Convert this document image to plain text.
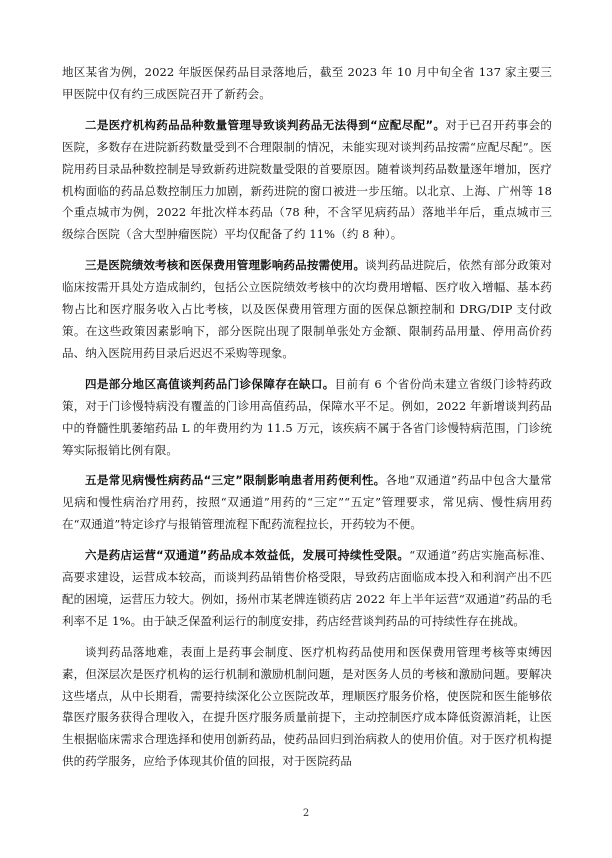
地区某省为例，2022 年版医保药品目录落地后，截至 2023 年 10 月中旬全省 137 家主要三甲医院中仅有约三成医院召开了新药会。

二是医疗机构药品品种数量管理导致谈判药品无法得到“应配尽配”。对于已召开药事会的医院，多数存在进院新药数量受到不合理限制的情况，未能实现对谈判药品按需“应配尽配”。医院用药目录品种数控制是导致新药进院数量受限的首要原因。随着谈判药品数量逐年增加，医疗机构面临的药品总数控制压力加剧，新药进院的窗口被进一步压缩。以北京、上海、广州等 18 个重点城市为例，2022 年批次样本药品（78 种，不含罕见病药品）落地半年后，重点城市三级综合医院（含大型肿瘤医院）平均仅配备了约 11%（约 8 种）。

三是医院绩效考核和医保费用管理影响药品按需使用。谈判药品进院后，依然有部分政策对临床按需开具处方造成制约，包括公立医院绩效考核中的次均费用增幅、医疗收入增幅、基本药物占比和医疗服务收入占比考核，以及医保费用管理方面的医保总额控制和 DRG/DIP 支付政策。在这些政策因素影响下，部分医院出现了限制单张处方金额、限制药品用量、停用高价药品、纳入医院用药目录后迟迟不采购等现象。

四是部分地区高值谈判药品门诊保障存在缺口。目前有 6 个省份尚未建立省级门诊特药政策，对于门诊慢特病没有覆盖的门诊用高值药品，保障水平不足。例如，2022 年新增谈判药品中的脊髓性肌萎缩药品 L 的年费用约为 11.5 万元，该疾病不属于各省门诊慢特病范围，门诊统筹实际报销比例有限。

五是常见病慢性病药品“三定”限制影响患者用药便利性。各地“双通道”药品中包含大量常见病和慢性病治疗用药，按照“双通道”用药的“三定”“五定”管理要求，常见病、慢性病用药在“双通道”特定诊疗与报销管理流程下配药流程拉长，开药较为不便。

六是药店运营“双通道”药品成本效益低，发展可持续性受限。“双通道”药店实施高标准、高要求建设，运营成本较高，而谈判药品销售价格受限，导致药店面临成本投入和利润产出不匹配的困境，运营压力较大。例如，扬州市某老牌连锁药店 2022 年上半年运营“双通道”药品的毛利率不足 1%。由于缺乏保盈利运行的制度安排，药店经营谈判药品的可持续性存在挑战。

谈判药品落地难，表面上是药事会制度、医疗机构药品使用和医保费用管理考核等束缚因素，但深层次是医疗机构的运行机制和激励机制问题，是对医务人员的考核和激励问题。要解决这些堵点，从中长期看，需要持续深化公立医院改革，理顺医疗服务价格，使医院和医生能够依靠医疗服务获得合理收入，在提升医疗服务质量前提下，主动控制医疗成本降低资源消耗，让医生根据临床需求合理选择和使用创新药品，使药品回归到治病救人的使用价值。对于医疗机构提供的药学服务，应给予体现其价值的回报，对于医院药品

2
